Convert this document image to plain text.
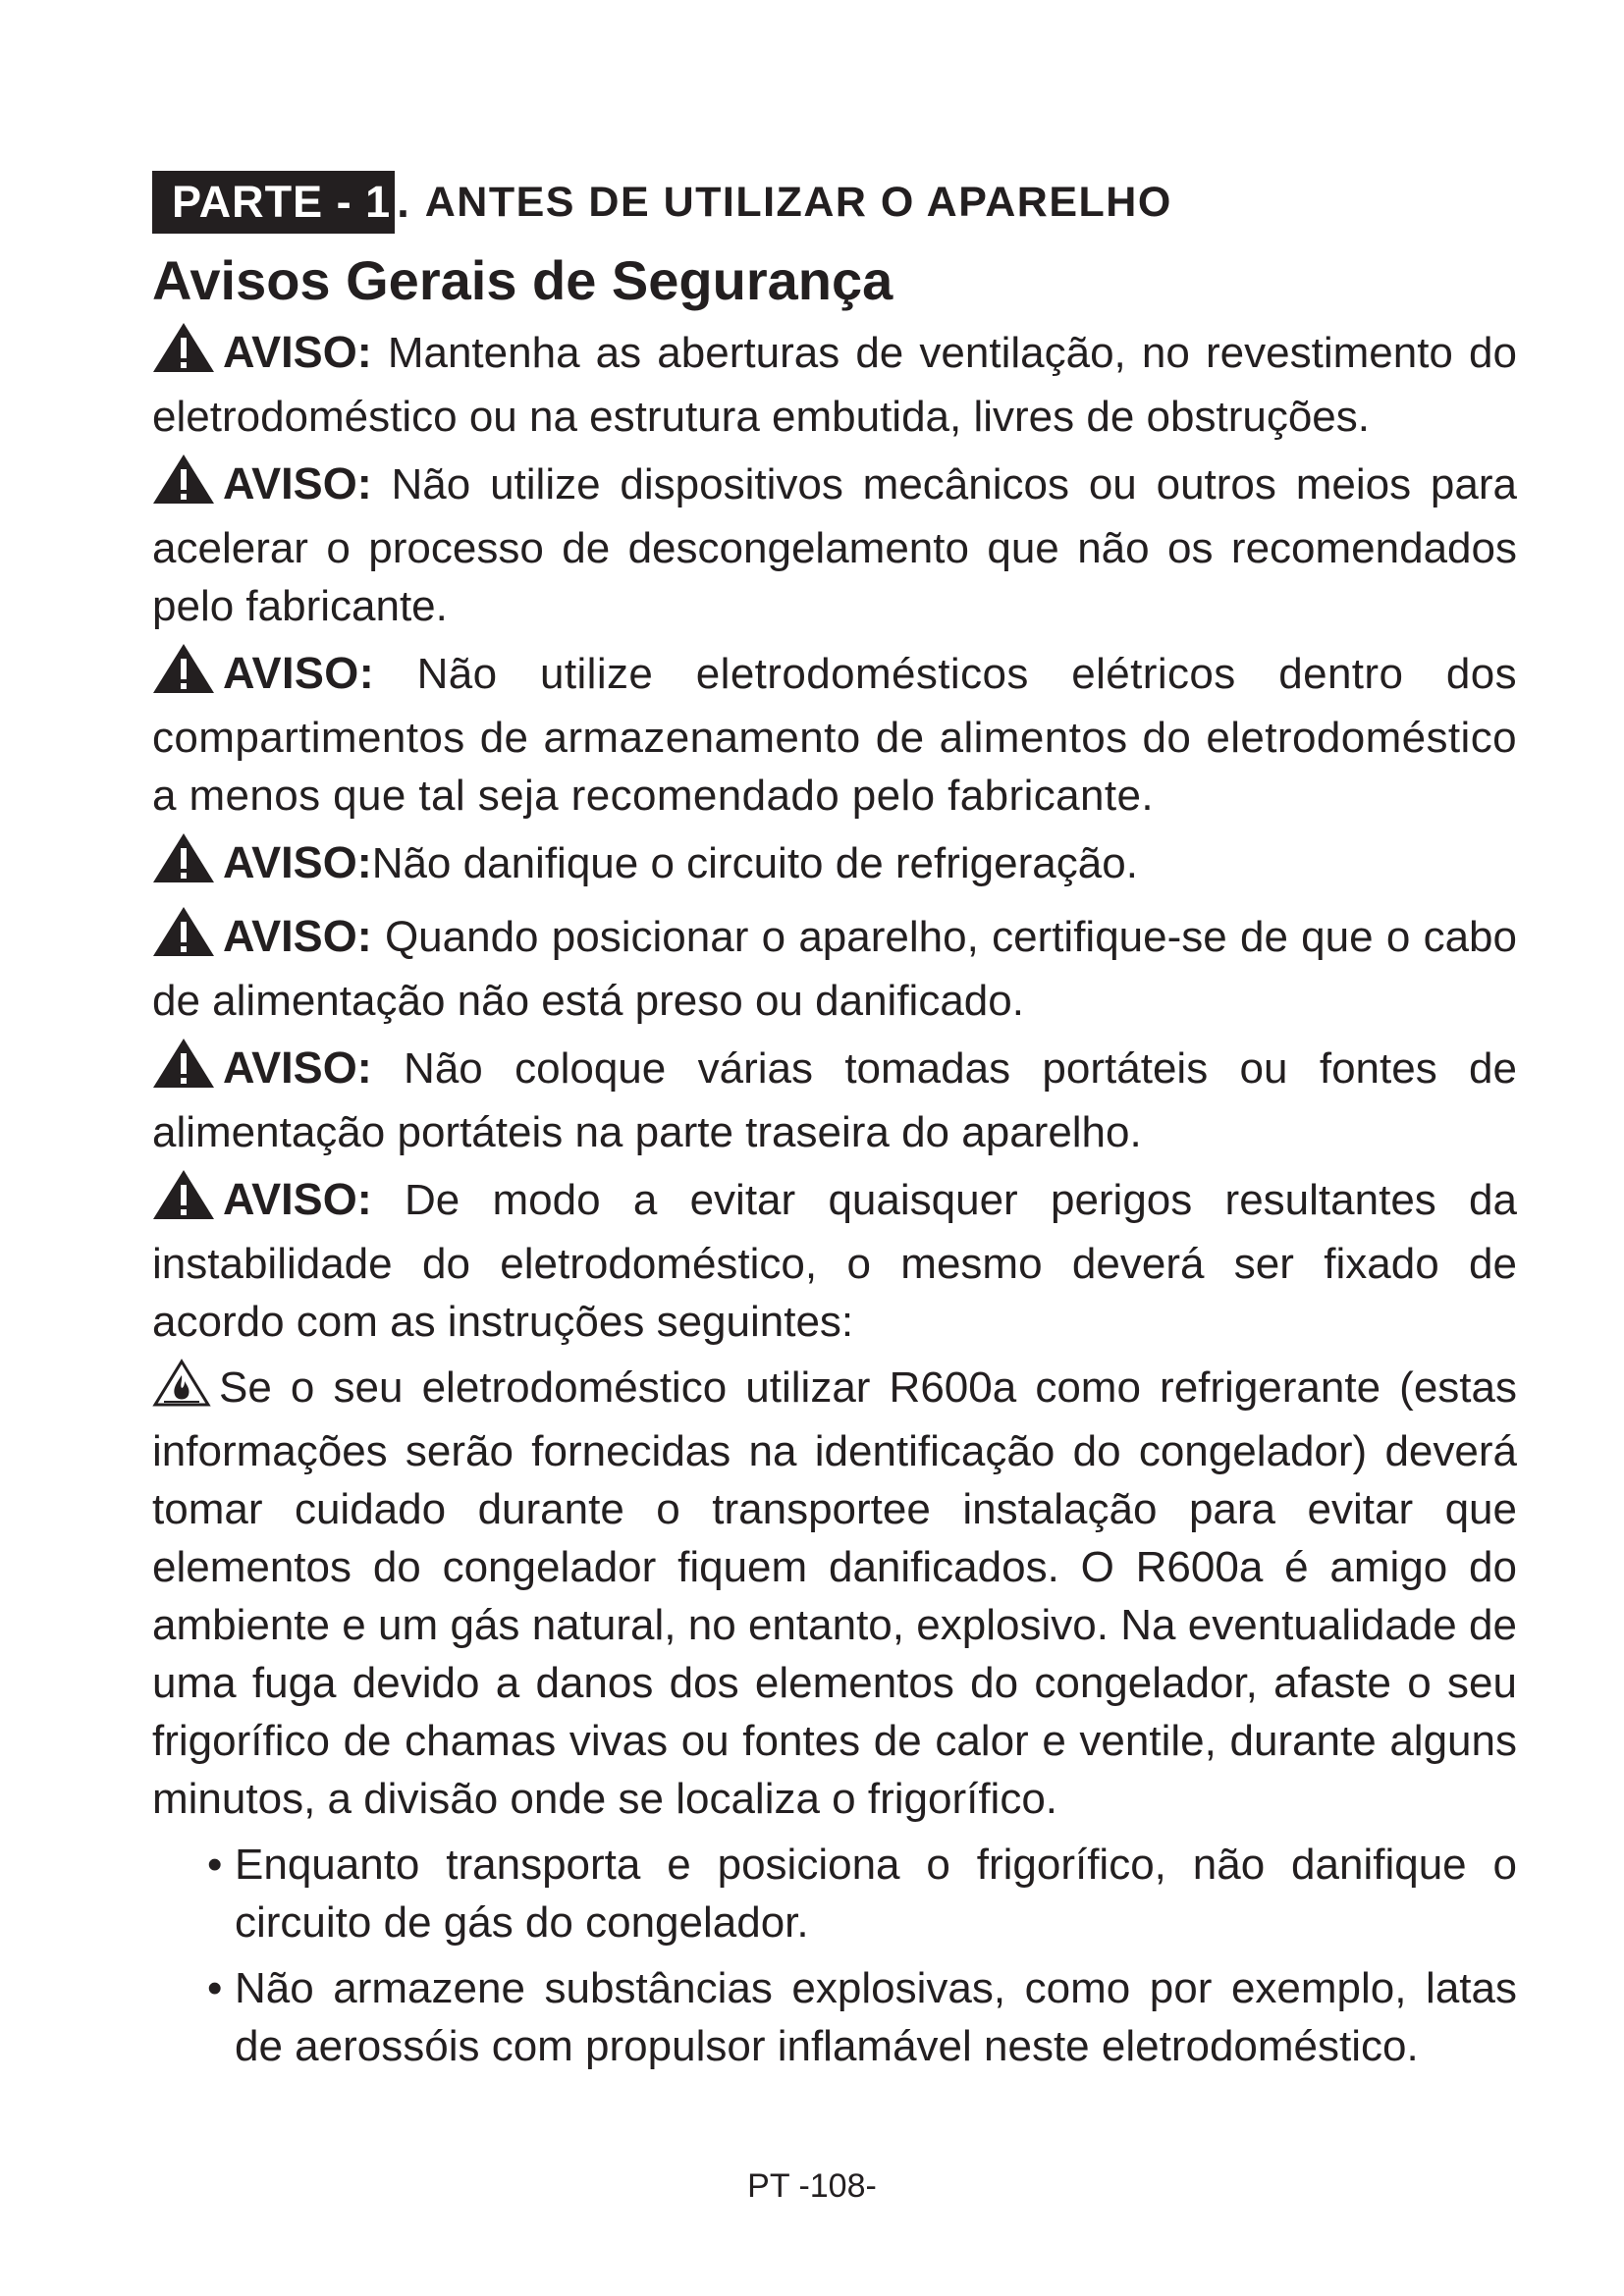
PARTE - 1 . ANTES DE UTILIZAR O APARELHO
Avisos Gerais de Segurança

AVISO: Mantenha as aberturas de ventilação, no revestimento do eletrodoméstico ou na estrutura embutida, livres de obstruções.

AVISO: Não utilize dispositivos mecânicos ou outros meios para acelerar o processo de descongelamento que não os recomendados pelo fabricante.

AVISO: Não utilize eletrodomésticos elétricos dentro dos compartimentos de armazenamento de alimentos do eletrodoméstico a menos que tal seja recomendado pelo fabricante.

AVISO:Não danifique o circuito de refrigeração.

AVISO: Quando posicionar o aparelho, certifique-se de que o cabo de alimentação não está preso ou danificado.

AVISO: Não coloque várias tomadas portáteis ou fontes de alimentação portáteis na parte traseira do aparelho.

AVISO: De modo a evitar quaisquer perigos resultantes da instabilidade do eletrodoméstico, o mesmo deverá ser fixado de acordo com as instruções seguintes:

Se o seu eletrodoméstico utilizar R600a como refrigerante (estas informações serão fornecidas na identificação do congelador) deverá tomar cuidado durante o transportee instalação para evitar que elementos do congelador fiquem danificados. O R600a é amigo do ambiente e um gás natural, no entanto, explosivo. Na eventualidade de uma fuga devido a danos dos elementos do congelador, afaste o seu frigorífico de chamas vivas ou fontes de calor e ventile, durante alguns minutos, a divisão onde se localiza o frigorífico.

• Enquanto transporta e posiciona o frigorífico, não danifique o circuito de gás do congelador.
• Não armazene substâncias explosivas, como por exemplo, latas de aerossóis com propulsor inflamável neste eletrodoméstico.
PT -108-
